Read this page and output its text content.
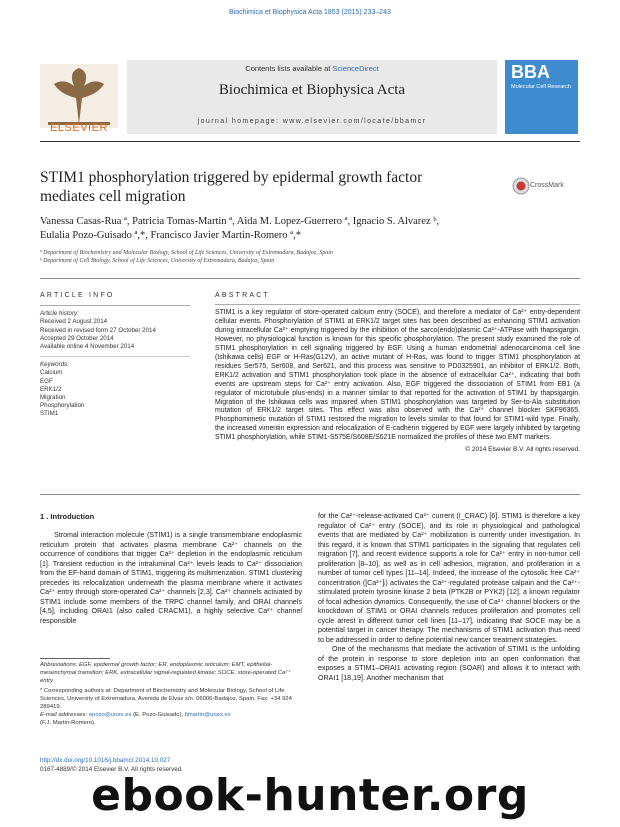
Biochimica et Biophysica Acta 1853 (2015) 233–243
ELSEVIER
Contents lists available at ScienceDirect
Biochimica et Biophysica Acta
journal homepage: www.elsevier.com/locate/bbamcr
BBA
Molecular Cell Research
STIM1 phosphorylation triggered by epidermal growth factor mediates cell migration
CrossMark
Vanessa Casas-Rua ª, Patricia Tomas-Martin ª, Aida M. Lopez-Guerrero ª, Ignacio S. Alvarez ᵇ,
Eulalia Pozo-Guisado ª,*, Francisco Javier Martin-Romero ª,*
ª Department of Biochemistry and Molecular Biology, School of Life Sciences, University of Extremadura, Badajoz, Spain
ᵇ Department of Cell Biology, School of Life Sciences, University of Extremadura, Badajoz, Spain
ARTICLE INFO
Article history:
Received 2 August 2014
Received in revised form 27 October 2014
Accepted 29 October 2014
Available online 4 November 2014
Keywords:
Calcium
EGF
ERK1/2
Migration
Phosphorylation
STIM1
ABSTRACT
STIM1 is a key regulator of store-operated calcium entry (SOCE), and therefore a mediator of Ca²⁺ entry-dependent cellular events. Phosphorylation of STIM1 at ERK1/2 target sites has been described as enhancing STIM1 activation during intracellular Ca²⁺ emptying triggered by the inhibition of the sarco(endo)plasmic Ca²⁺-ATPase with thapsigargin. However, no physiological function is known for this specific phosphorylation. The present study examined the role of STIM1 phosphorylation in cell signaling triggered by EGF. Using a human endometrial adenocarcinoma cell line (Ishikawa cells) EGF or H-Ras(G12V), an active mutant of H-Ras, was found to trigger STIM1 phosphorylation at residues Ser575, Ser608, and Ser621, and this process was sensitive to PD0325901, an inhibitor of ERK1/2. Both, ERK1/2 activation and STIM1 phosphorylation took place in the absence of extracellular Ca²⁺, indicating that both events are upstream steps for Ca²⁺ entry activation. Also, EGF triggered the dissociation of STIM1 from EB1 (a regulator of microtubule plus-ends) in a manner similar to that reported for the activation of STIM1 by thapsigargin. Migration of the Ishikawa cells was impaired when STIM1 phosphorylation was targeted by Ser-to-Ala substitution mutation of ERK1/2 target sites. This effect was also observed with the Ca²⁺ channel blocker SKF96365. Phosphomimetic mutation of STIM1 restored the migration to levels similar to that found for STIM1-wild type. Finally, the increased vimentin expression and relocalization of E-cadherin triggered by EGF were largely inhibited by targeting STIM1 phosphorylation, while STIM1-S575E/S608E/S621E normalized the profiles of these two EMT markers.
© 2014 Elsevier B.V. All rights reserved.
1 . Introduction

Stromal interaction molecule (STIM1) is a single transmembrane endoplasmic reticulum protein that activates plasma membrane Ca²⁺ channels on the occurrence of conditions that trigger Ca²⁺ depletion in the endoplasmic reticulum [1]. Transient reduction in the intraluminal Ca²⁺ levels leads to Ca²⁺ dissociation from the EF-hand domain of STIM1, triggering its multimerization. STIM1 clustering precedes its relocalization underneath the plasma membrane where it activates Ca²⁺ entry through store-operated Ca²⁺ channels [2,3]. Ca²⁺ channels activated by STIM1 include some members of the TRPC channel family, and ORAI channels [4,5], including ORAI1 (also called CRACM1), a highly selective Ca²⁺ channel responsible

for the Ca²⁺-release-activated Ca²⁺ current (I_CRAC) [6]. STIM1 is therefore a key regulator of Ca²⁺ entry (SOCE), and its role in physiological and pathological events that are mediated by Ca²⁺ mobilization is currently under investigation. In this regard, it is known that STIM1 participates in the signaling that regulates cell migration [7], and recent evidence supports a role for Ca²⁺ entry in non-tumor cell proliferation [8–10], as well as in cell adhesion, migration, and proliferation in a number of tumor cell types [11–14]. Indeed, the increase of the cytosolic free Ca²⁺ concentration ([Ca²⁺]ᵢ) activates the Ca²⁺-regulated protease calpain and the Ca²⁺-stimulated protein tyrosine kinase 2 beta (PTK2B or PYK2) [12], a known regulator of focal adhesion dynamics. Consequently, the use of Ca²⁺ channel blockers or the knockdown of STIM1 or ORAI channels reduces proliferation and promotes cell cycle arrest in different tumor cell lines [11–17], indicating that SOCE may be a potential target in cancer therapy. The mechanisms of STIM1 activation thus need to be addressed in order to define potential new cancer treatment strategies.

One of the mechanisms that mediate the activation of STIM1 is the unfolding of the protein in response to store depletion into an open conformation that exposes a STIM1–ORAI1 activating region (SOAR) and allows it to interact with ORAI1 [18,19]. Another mechanism that

Abbreviations: EGF, epidermal growth factor; ER, endoplasmic reticulum; EMT, epithelial-mesenchymal transition; ERK, extracellular signal-regulated kinase; SOCE, store-operated Ca²⁺ entry
* Corresponding authors at: Department of Biochemistry and Molecular Biology, School of Life Sciences, University of Extremadura, Avenida de Elvas s/n. 06006-Badajoz, Spain. Fax: +34 924 289419.
E-mail addresses: epozo@unex.es (E. Pozo-Guisado), fjmartin@unex.es
(F.J. Martin-Romero).
http://dx.doi.org/10.1016/j.bbamcr.2014.10.027
0167-4889/© 2014 Elsevier B.V. All rights reserved.
ebook-hunter.org
